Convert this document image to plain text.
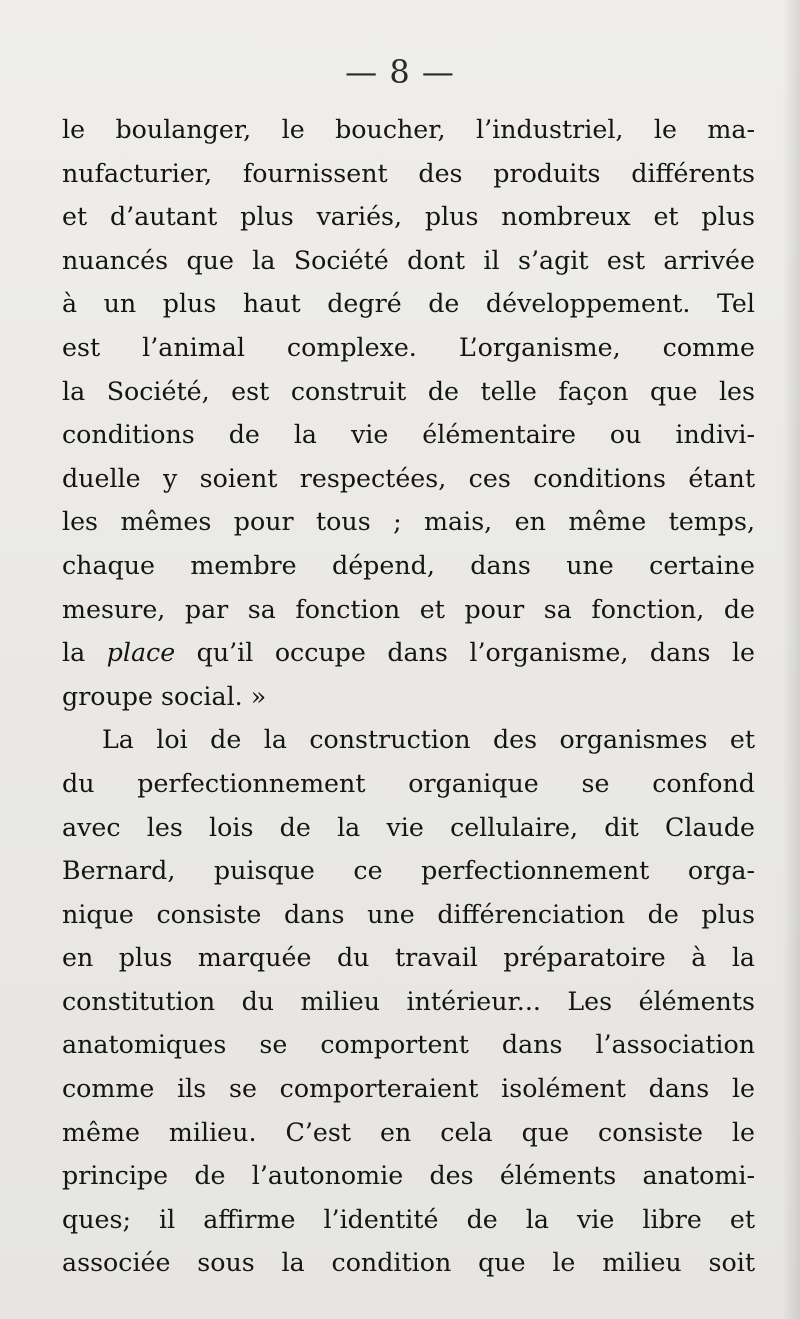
— 8 —
le boulanger, le boucher, l’industriel, le ma-
nufacturier, fournissent des produits différents
et d’autant plus variés, plus nombreux et plus
nuancés que la Société dont il s’agit est arrivée
à un plus haut degré de développement. Tel
est l’animal complexe. L’organisme, comme
la Société, est construit de telle façon que les
conditions de la vie élémentaire ou indivi-
duelle y soient respectées, ces conditions étant
les mêmes pour tous ; mais, en même temps,
chaque membre dépend, dans une certaine
mesure, par sa fonction et pour sa fonction, de
la place qu’il occupe dans l’organisme, dans le
groupe social. »
La loi de la construction des organismes et
du perfectionnement organique se confond
avec les lois de la vie cellulaire, dit Claude
Bernard, puisque ce perfectionnement orga-
nique consiste dans une différenciation de plus
en plus marquée du travail préparatoire à la
constitution du milieu intérieur... Les éléments
anatomiques se comportent dans l’association
comme ils se comporteraient isolément dans le
même milieu. C’est en cela que consiste le
principe de l’autonomie des éléments anatomi-
ques; il affirme l’identité de la vie libre et
associée sous la condition que le milieu soit
